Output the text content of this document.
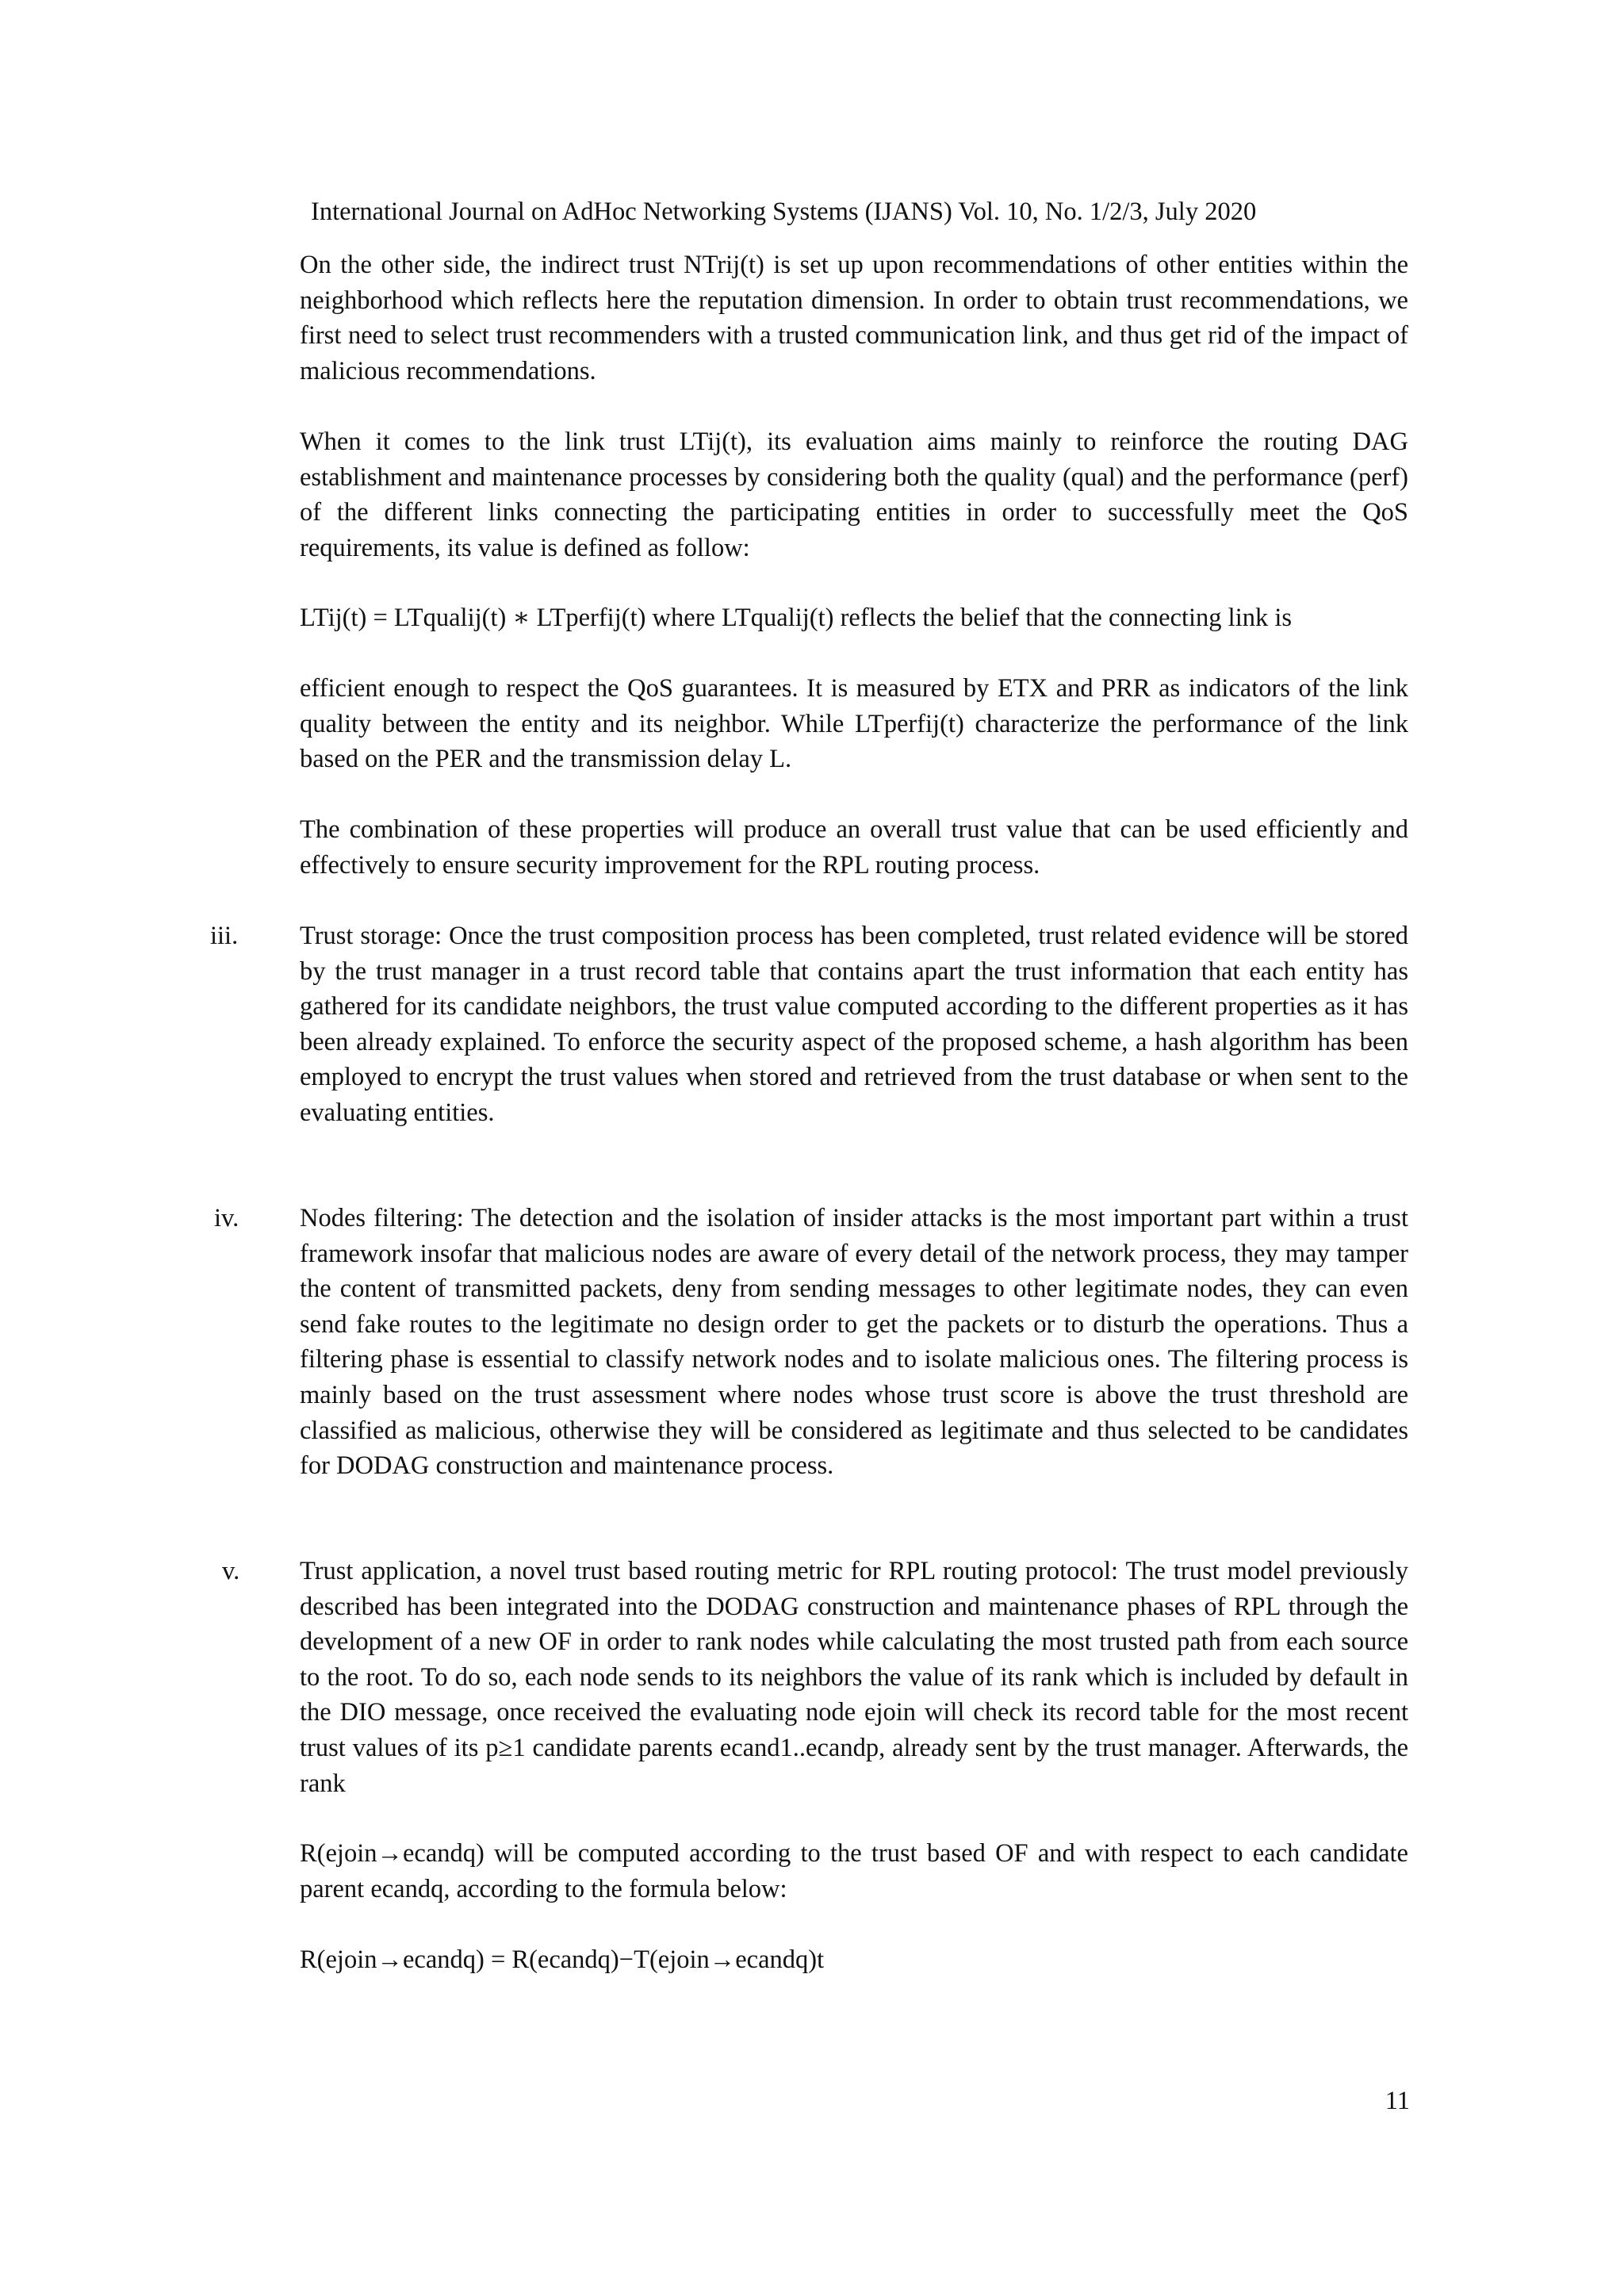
International Journal on AdHoc Networking Systems (IJANS) Vol. 10, No. 1/2/3, July 2020
On the other side, the indirect trust NTrij(t) is set up upon recommendations of other entities within the neighborhood which reflects here the reputation dimension. In order to obtain trust recommendations, we first need to select trust recommenders with a trusted communication link, and thus get rid of the impact of malicious recommendations.
When it comes to the link trust LTij(t), its evaluation aims mainly to reinforce the routing DAG establishment and maintenance processes by considering both the quality (qual) and the performance (perf) of the different links connecting the participating entities in order to successfully meet the QoS requirements, its value is defined as follow:
LTij(t) = LTqualij(t) ∗ LTperfij(t) where LTqualij(t) reflects the belief that the connecting link is
efficient enough to respect the QoS guarantees. It is measured by ETX and PRR as indicators of the link quality between the entity and its neighbor. While LTperfij(t) characterize the performance of the link based on the PER and the transmission delay L.
The combination of these properties will produce an overall trust value that can be used efficiently and effectively to ensure security improvement for the RPL routing process.
iii. Trust storage: Once the trust composition process has been completed, trust related evidence will be stored by the trust manager in a trust record table that contains apart the trust information that each entity has gathered for its candidate neighbors, the trust value computed according to the different properties as it has been already explained. To enforce the security aspect of the proposed scheme, a hash algorithm has been employed to encrypt the trust values when stored and retrieved from the trust database or when sent to the evaluating entities.
iv. Nodes filtering: The detection and the isolation of insider attacks is the most important part within a trust framework insofar that malicious nodes are aware of every detail of the network process, they may tamper the content of transmitted packets, deny from sending messages to other legitimate nodes, they can even send fake routes to the legitimate no design order to get the packets or to disturb the operations. Thus a filtering phase is essential to classify network nodes and to isolate malicious ones. The filtering process is mainly based on the trust assessment where nodes whose trust score is above the trust threshold are classified as malicious, otherwise they will be considered as legitimate and thus selected to be candidates for DODAG construction and maintenance process.
v. Trust application, a novel trust based routing metric for RPL routing protocol: The trust model previously described has been integrated into the DODAG construction and maintenance phases of RPL through the development of a new OF in order to rank nodes while calculating the most trusted path from each source to the root. To do so, each node sends to its neighbors the value of its rank which is included by default in the DIO message, once received the evaluating node ejoin will check its record table for the most recent trust values of its p≥1 candidate parents ecand1..ecandp, already sent by the trust manager. Afterwards, the rank
R(ejoin→ecandq) will be computed according to the trust based OF and with respect to each candidate parent ecandq, according to the formula below:
R(ejoin→ecandq) = R(ecandq)−T(ejoin→ecandq)t
11
